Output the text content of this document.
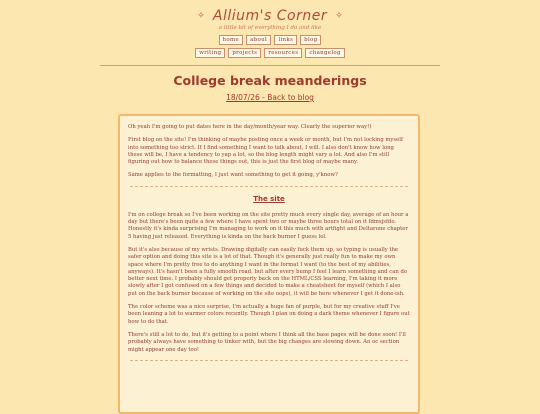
✧ Allium's Corner ✧
a little bit of everything I do and like
home	about	links	blog
writing	projects	resources	changelog
College break meanderings
18/07/26 - Back to blog

Oh yeah I'm going to put dates here in the day/month/year way. Clearly the superior way!)

First blog on the site! I'm thinking of maybe posting once a week or month, but I'm not locking myself into something too strict. If I find something I want to talk about, I will. I also don't know how long these will be, I have a tendency to yap a lot, so the blog length might vary a lot. And also I'm still figuring out how to balance these things out, this is just the first blog of maybe many.

Same applies to the formatting, I just want something to get it going, y'know?

The site

I'm on college break so I've been working on the site pretty much every single day, average of an hour a day but there's been quite a few where I have spent two or maybe three hours total on it fdmsjsfdo. Honestly it's kinda surprising I'm managing to work on it this much with artfight and Deltarune chapter 5 having just released. Everything is kinda on the back burner I guess lol.

But it's also because of my wrists. Drawing digitally can easily fuck them up, so typing is usually the safer option and doing this site is a lot of that. Though it's generally just really fun to make my own space where I'm pretty free to do anything I want in the format I want (to the best of my abilities, anyways). It's hasn't been a fully smooth road, but after every bump I feel I learn something and can do better next time. I probably should get properly back on the HTML/CSS learning, I'm taking it more slowly after I got confused on a few things and decided to make a cheatsheet for myself (which I also put on the back burner because of working on the site oops), it will be here whenever I get it done-ish.

The color scheme was a nice surprise, I'm actually a huge fan of purple, but for my creative stuff I've been leaning a lot to warmer colors recently. Though I plan on doing a dark theme whenever I figure out how to do that.

There's still a lot to do, but it's getting to a point where I think all the base pages will be done soon! I'll probably always have something to tinker with, but the big changes are slowing down. An oc section might appear one day too!
